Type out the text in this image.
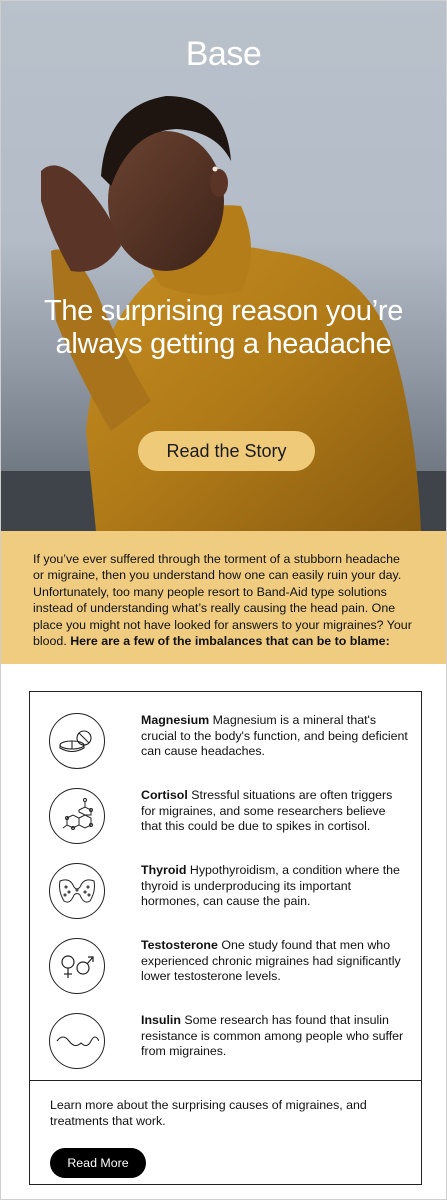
Base
The surprising reason you’re always getting a headache
Read the Story
If you’ve ever suffered through the torment of a stubborn headache or migraine, then you understand how one can easily ruin your day. Unfortunately, too many people resort to Band-Aid type solutions instead of understanding what’s really causing the head pain. One place you might not have looked for answers to your migraines? Your blood. Here are a few of the imbalances that can be to blame:
Magnesium Magnesium is a mineral that's crucial to the body's function, and being deficient can cause headaches.
Cortisol Stressful situations are often triggers for migraines, and some researchers believe that this could be due to spikes in cortisol.
Thyroid Hypothyroidism, a condition where the thyroid is underproducing its important hormones, can cause the pain.
Testosterone One study found that men who experienced chronic migraines had significantly lower testosterone levels.
Insulin Some research has found that insulin resistance is common among people who suffer from migraines.
Learn more about the surprising causes of migraines, and treatments that work.
Read More
